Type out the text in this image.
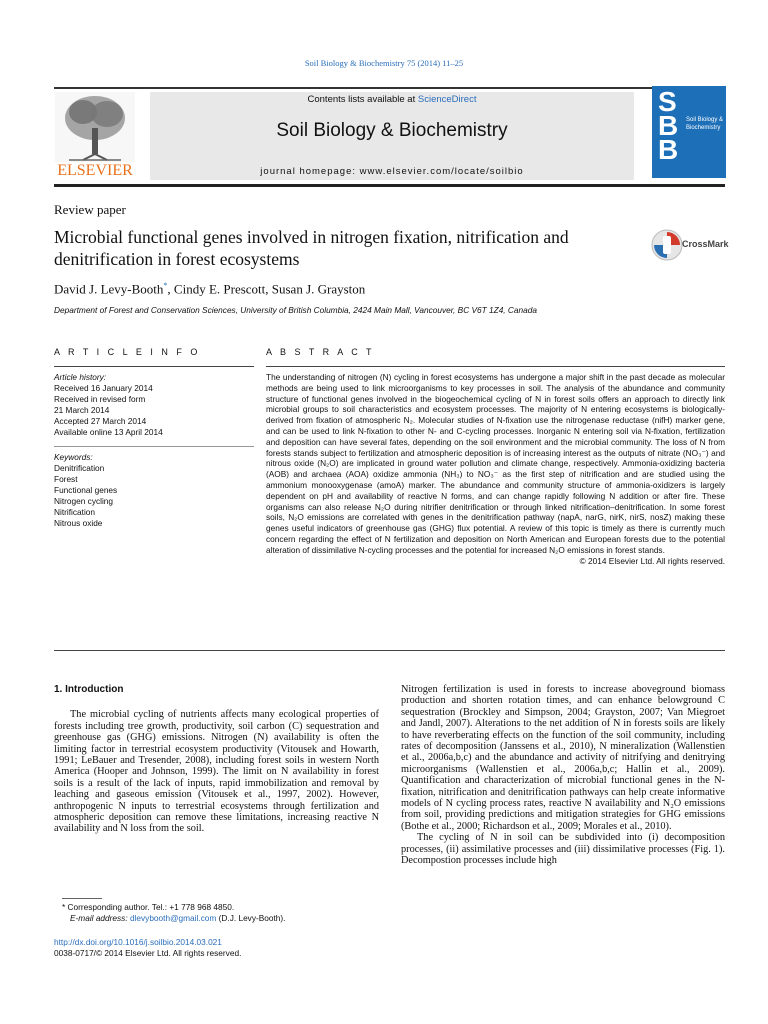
Soil Biology & Biochemistry 75 (2014) 11–25
ELSEVIER
Contents lists available at ScienceDirect
Soil Biology & Biochemistry
journal homepage: www.elsevier.com/locate/soilbio
S
B
B
Soil Biology & Biochemistry
Review paper
Microbial functional genes involved in nitrogen fixation, nitrification and denitrification in forest ecosystems
CrossMark
David J. Levy-Booth*, Cindy E. Prescott, Susan J. Grayston
Department of Forest and Conservation Sciences, University of British Columbia, 2424 Main Mall, Vancouver, BC V6T 1Z4, Canada
A R T I C L E I N F O	A B S T R A C T
Article history:
Received 16 January 2014
Received in revised form
21 March 2014
Accepted 27 March 2014
Available online 13 April 2014
Keywords:
Denitrification
Forest
Functional genes
Nitrogen cycling
Nitrification
Nitrous oxide

The understanding of nitrogen (N) cycling in forest ecosystems has undergone a major shift in the past decade as molecular methods are being used to link microorganisms to key processes in soil. The analysis of the abundance and community structure of functional genes involved in the biogeochemical cycling of N in forest soils offers an approach to directly link microbial groups to soil characteristics and ecosystem processes. The majority of N entering ecosystems is biologically-derived from fixation of atmospheric N₂. Molecular studies of N-fixation use the nitrogenase reductase (nifH) marker gene, and can be used to link N-fixation to other N- and C-cycling processes. Inorganic N entering soil via N-fixation, fertilization and deposition can have several fates, depending on the soil environment and the microbial community. The loss of N from forests stands subject to fertilization and atmospheric deposition is of increasing interest as the outputs of nitrate (NO₃⁻) and nitrous oxide (N₂O) are implicated in ground water pollution and climate change, respectively. Ammonia-oxidizing bacteria (AOB) and archaea (AOA) oxidize ammonia (NH₃) to NO₃⁻ as the first step of nitrification and are studied using the ammonium monooxygenase (amoA) marker. The abundance and community structure of ammonia-oxidizers is largely dependent on pH and availability of reactive N forms, and can change rapidly following N addition or after fire. These organisms can also release N₂O during nitrifier denitrification or through linked nitrification–denitrification. In some forest soils, N₂O emissions are correlated with genes in the denitrification pathway (napA, narG, nirK, nirS, nosZ) making these genes useful indicators of greenhouse gas (GHG) flux potential. A review of this topic is timely as there is currently much concern regarding the effect of N fertilization and deposition on North American and European forests due to the potential alteration of dissimilative N-cycling processes and the potential for increased N₂O emissions in forest stands.

© 2014 Elsevier Ltd. All rights reserved.

1. Introduction

The microbial cycling of nutrients affects many ecological properties of forests including tree growth, productivity, soil carbon (C) sequestration and greenhouse gas (GHG) emissions. Nitrogen (N) availability is often the limiting factor in terrestrial ecosystem productivity (Vitousek and Howarth, 1991; LeBauer and Tresender, 2008), including forest soils in western North America (Hooper and Johnson, 1999). The limit on N availability in forest soils is a result of the lack of inputs, rapid immobilization and removal by leaching and gaseous emission (Vitousek et al., 1997, 2002). However, anthropogenic N inputs to terrestrial ecosystems through fertilization and atmospheric deposition can remove these limitations, increasing reactive N availability and N loss from the soil.

Nitrogen fertilization is used in forests to increase aboveground biomass production and shorten rotation times, and can enhance belowground C sequestration (Brockley and Simpson, 2004; Grayston, 2007; Van Miegroet and Jandl, 2007). Alterations to the net addition of N in forests soils are likely to have reverberating effects on the function of the soil community, including rates of decomposition (Janssens et al., 2010), N mineralization (Wallenstien et al., 2006a,b,c) and the abundance and activity of nitrifying and denitrying microorganisms (Wallenstien et al., 2006a,b,c; Hallin et al., 2009). Quantification and characterization of microbial functional genes in the N-fixation, nitrification and denitrification pathways can help create informative models of N cycling process rates, reactive N availability and N₂O emissions from soil, providing predictions and mitigation strategies for GHG emissions (Bothe et al., 2000; Richardson et al., 2009; Morales et al., 2010).

The cycling of N in soil can be subdivided into (i) decomposition processes, (ii) assimilative processes and (iii) dissimilative processes (Fig. 1). Decompostion processes include high

* Corresponding author. Tel.: +1 778 968 4850.
E-mail address: dlevybooth@gmail.com (D.J. Levy-Booth).
http://dx.doi.org/10.1016/j.soilbio.2014.03.021
0038-0717/© 2014 Elsevier Ltd. All rights reserved.
